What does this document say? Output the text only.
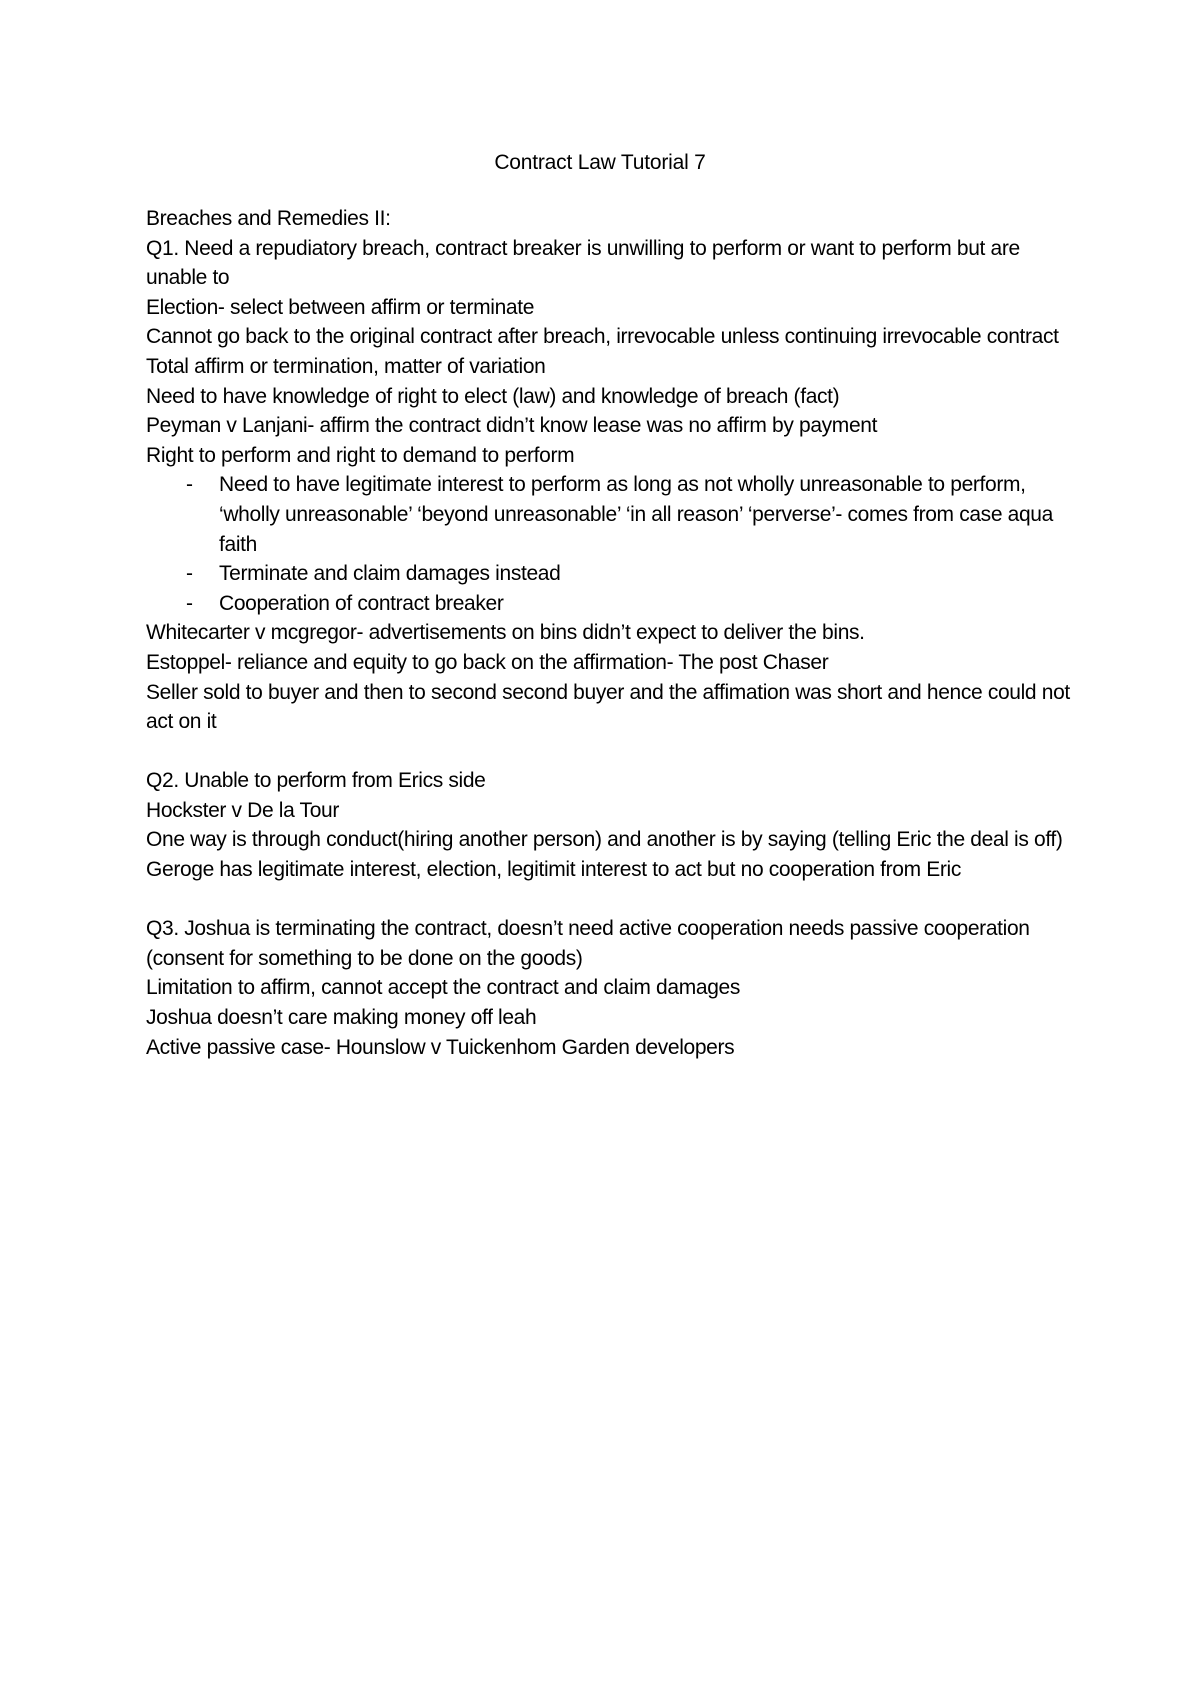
Contract Law Tutorial 7
Breaches and Remedies II:
Q1. Need a repudiatory breach, contract breaker is unwilling to perform or want to perform but are unable to
Election- select between affirm or terminate
Cannot go back to the original contract after breach, irrevocable unless continuing irrevocable contract
Total affirm or termination, matter of variation
Need to have knowledge of right to elect (law) and knowledge of breach (fact)
Peyman v Lanjani- affirm the contract didn’t know lease was no affirm by payment
Right to perform and right to demand to perform
- Need to have legitimate interest to perform as long as not wholly unreasonable to perform, ‘wholly unreasonable’ ‘beyond unreasonable’ ‘in all reason’ ‘perverse’- comes from case aqua faith
- Terminate and claim damages instead
- Cooperation of contract breaker
Whitecarter v mcgregor- advertisements on bins didn’t expect to deliver the bins.
Estoppel- reliance and equity to go back on the affirmation- The post Chaser
Seller sold to buyer and then to second second buyer and the affimation was short and hence could not act on it
Q2. Unable to perform from Erics side
Hockster v De la Tour
One way is through conduct(hiring another person) and another is by saying (telling Eric the deal is off)
Geroge has legitimate interest, election, legitimit interest to act but no cooperation from Eric
Q3. Joshua is terminating the contract, doesn’t need active cooperation needs passive cooperation (consent for something to be done on the goods)
Limitation to affirm, cannot accept the contract and claim damages
Joshua doesn’t care making money off leah
Active passive case- Hounslow v Tuickenhom Garden developers
